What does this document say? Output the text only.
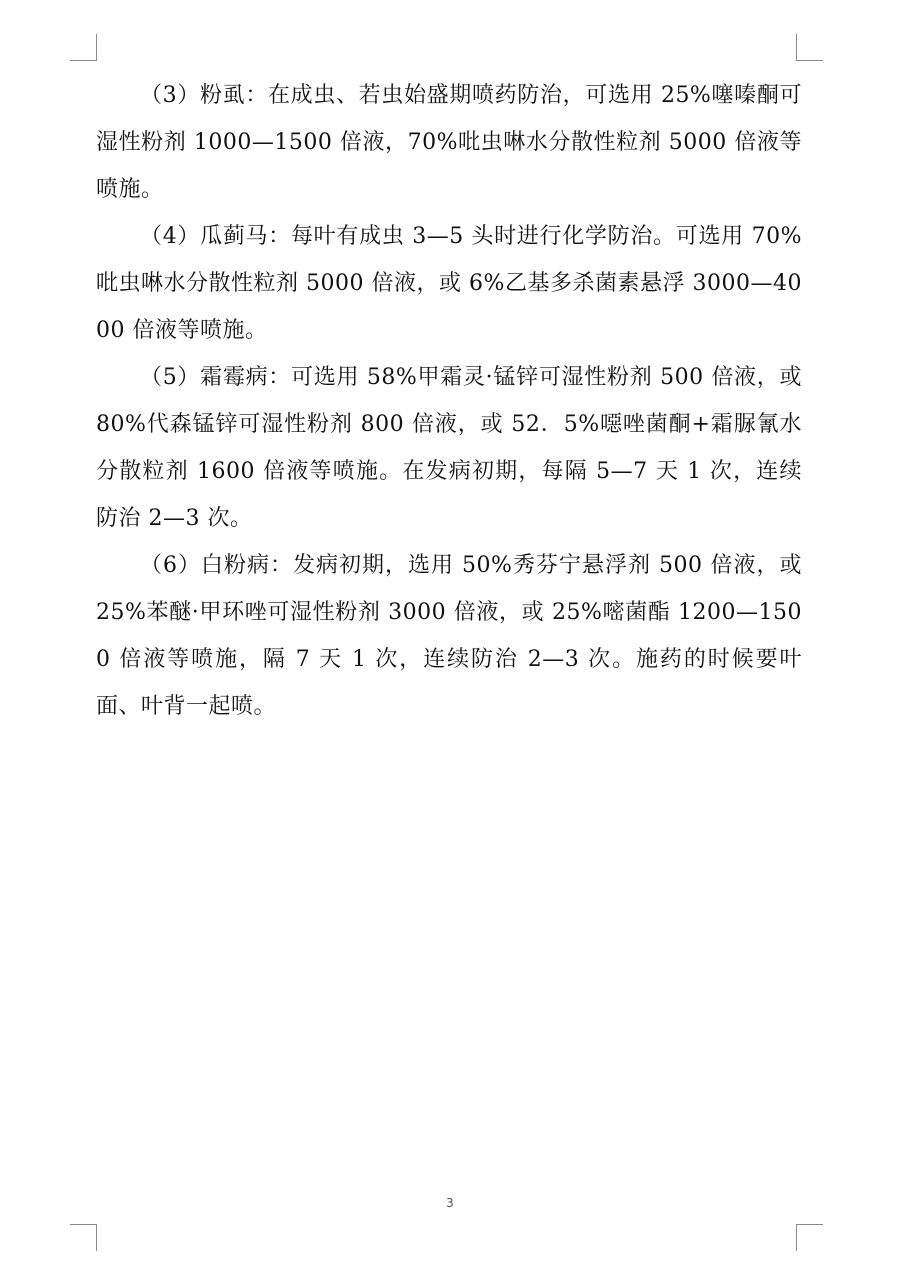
（3）粉虱：在成虫、若虫始盛期喷药防治，可选用 25%噻嗪酮可湿性粉剂 1000—1500 倍液，70%吡虫啉水分散性粒剂 5000 倍液等喷施。

（4）瓜蓟马：每叶有成虫 3—5 头时进行化学防治。可选用 70%吡虫啉水分散性粒剂 5000 倍液，或 6%乙基多杀菌素悬浮 3000—4000 倍液等喷施。

（5）霜霉病：可选用 58%甲霜灵·锰锌可湿性粉剂 500 倍液，或 80%代森锰锌可湿性粉剂 800 倍液，或 52．5%噁唑菌酮+霜脲氰水分散粒剂 1600 倍液等喷施。在发病初期，每隔 5—7 天 1 次，连续防治 2—3 次。

（6）白粉病：发病初期，选用 50%秀芬宁悬浮剂 500 倍液，或 25%苯醚·甲环唑可湿性粉剂 3000 倍液，或 25%嘧菌酯 1200—1500 倍液等喷施，隔 7 天 1 次，连续防治 2—3 次。施药的时候要叶面、叶背一起喷。

3
